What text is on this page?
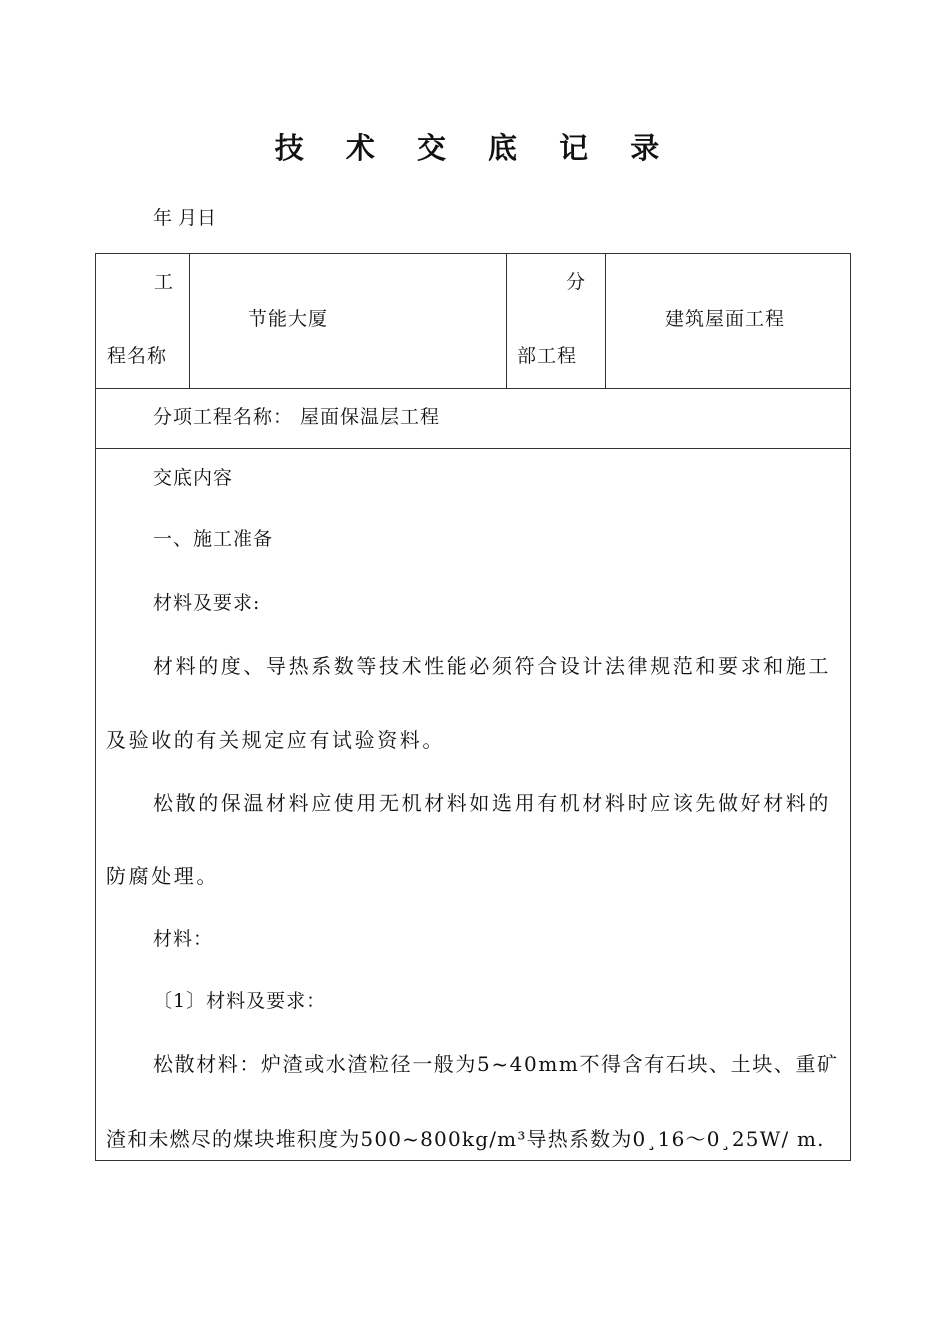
技 术 交 底 记 录
年 月日
工
程名称
节能大厦
分
部工程
建筑屋面工程
分项工程名称： 屋面保温层工程
交底内容
一、施工准备
材料及要求:
材料的度、导热系数等技术性能必须符合设计法律规范和要求和施工
及验收的有关规定应有试验资料。
松散的保温材料应使用无机材料如选用有机材料时应该先做好材料的
防腐处理。
材料：
〔1〕材料及要求：
松散材料：炉渣或水渣粒径一般为5~40mm不得含有石块、土块、重矿
渣和未燃尽的煤块堆积度为500~800kg/m³导热系数为0¸16～0¸25W/ m.
